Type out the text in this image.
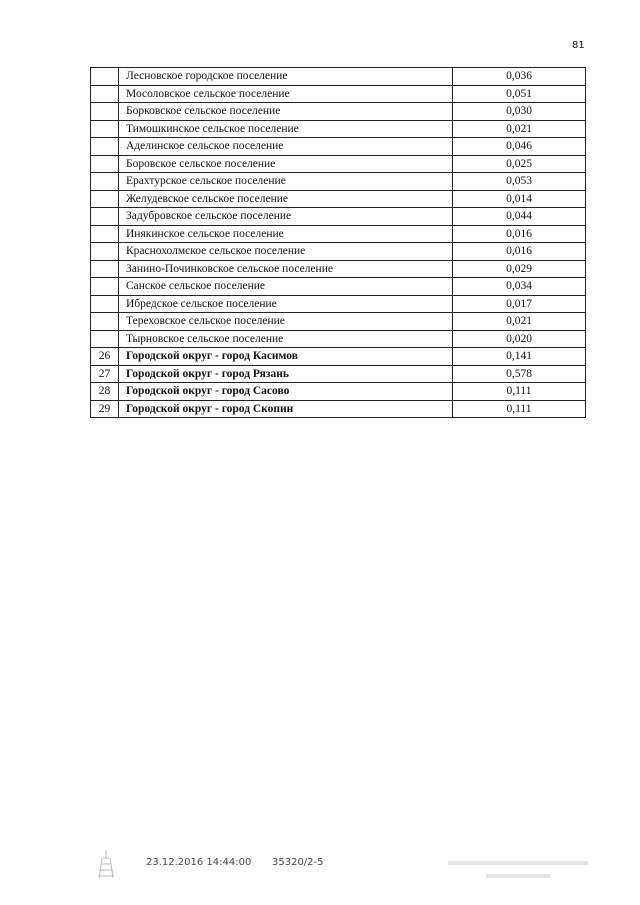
81
	Лесновское городское поселение	0,036
	Мосоловское сельское поселение	0,051
	Борковское сельское поселение	0,030
	Тимошкинское сельское поселение	0,021
	Аделинское сельское поселение	0,046
	Боровское сельское поселение	0,025
	Ерахтурское сельское поселение	0,053
	Желудевское сельское поселение	0,014
	Задубровское сельское поселение	0,044
	Инякинское сельское поселение	0,016
	Краснохолмское сельское поселение	0,016
	Занино-Починковское сельское поселение	0,029
	Санское сельское поселение	0,034
	Ибредское сельское поселение	0,017
	Тереховское сельское поселение	0,021
	Тырновское сельское поселение	0,020
26	Городской округ - город Касимов	0,141
27	Городской округ - город Рязань	0,578
28	Городской округ - город Сасово	0,111
29	Городской округ - город Скопин	0,111
23.12.2016 14:44:00 35320/2-5
